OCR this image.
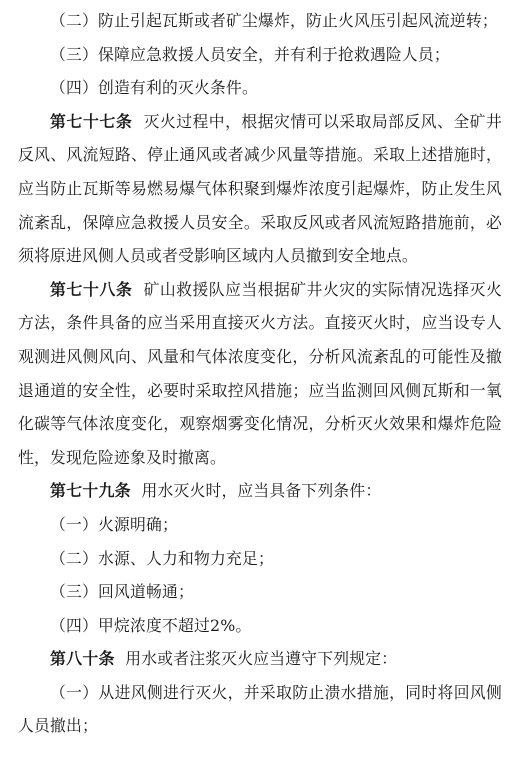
（二）防止引起瓦斯或者矿尘爆炸，防止火风压引起风流逆转；

（三）保障应急救援人员安全，并有利于抢救遇险人员；

（四）创造有利的灭火条件。

第七十七条 灭火过程中，根据灾情可以采取局部反风、全矿井反风、风流短路、停止通风或者减少风量等措施。采取上述措施时，应当防止瓦斯等易燃易爆气体积聚到爆炸浓度引起爆炸，防止发生风流紊乱，保障应急救援人员安全。采取反风或者风流短路措施前，必须将原进风侧人员或者受影响区域内人员撤到安全地点。

第七十八条 矿山救援队应当根据矿井火灾的实际情况选择灭火方法，条件具备的应当采用直接灭火方法。直接灭火时，应当设专人观测进风侧风向、风量和气体浓度变化，分析风流紊乱的可能性及撤退通道的安全性，必要时采取控风措施；应当监测回风侧瓦斯和一氧化碳等气体浓度变化，观察烟雾变化情况，分析灭火效果和爆炸危险性，发现危险迹象及时撤离。

第七十九条 用水灭火时，应当具备下列条件：

（一）火源明确；

（二）水源、人力和物力充足；

（三）回风道畅通；

（四）甲烷浓度不超过2%。

第八十条 用水或者注浆灭火应当遵守下列规定：

（一）从进风侧进行灭火，并采取防止溃水措施，同时将回风侧人员撤出；
